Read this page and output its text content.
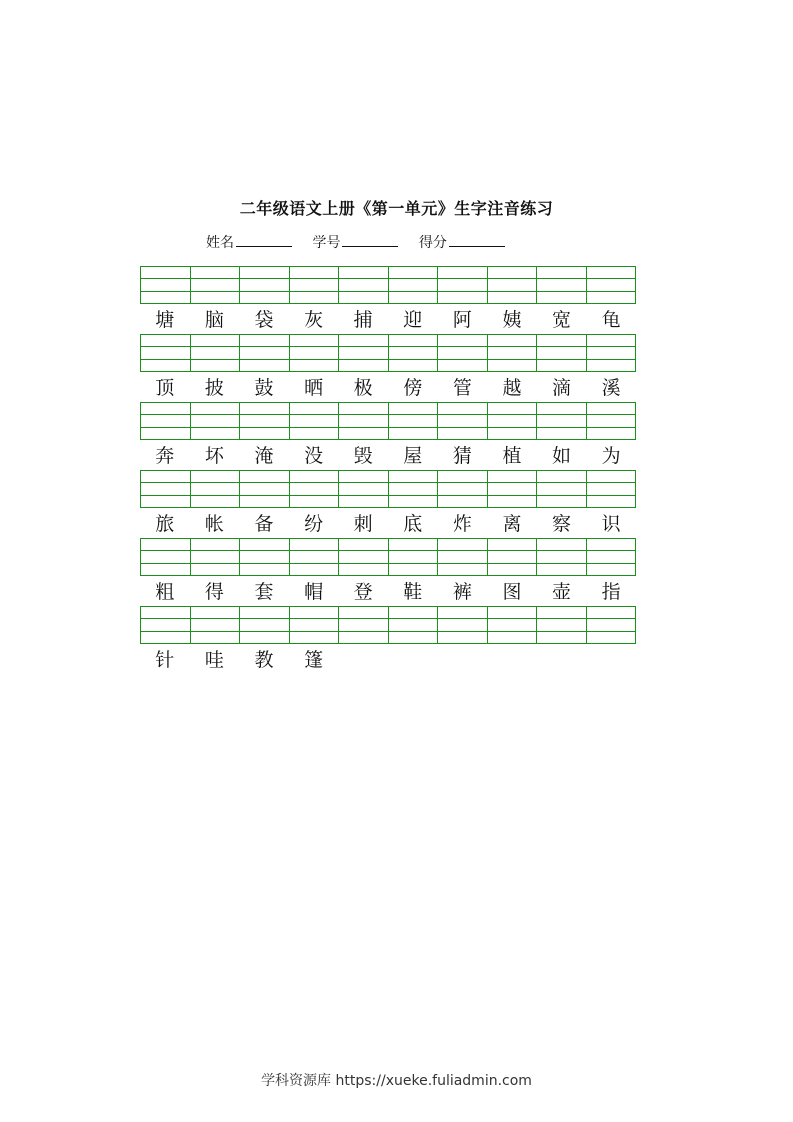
二年级语文上册《第一单元》生字注音练习
姓名	学号	得分
塘	脑	袋	灰	捕	迎	阿	姨	宽	龟
顶	披	鼓	晒	极	傍	管	越	滴	溪
奔	坏	淹	没	毁	屋	猜	植	如	为
旅	帐	备	纷	刺	底	炸	离	察	识
粗	得	套	帽	登	鞋	裤	图	壶	指
针	哇	教	篷
学科资源库 https://xueke.fuliadmin.com
